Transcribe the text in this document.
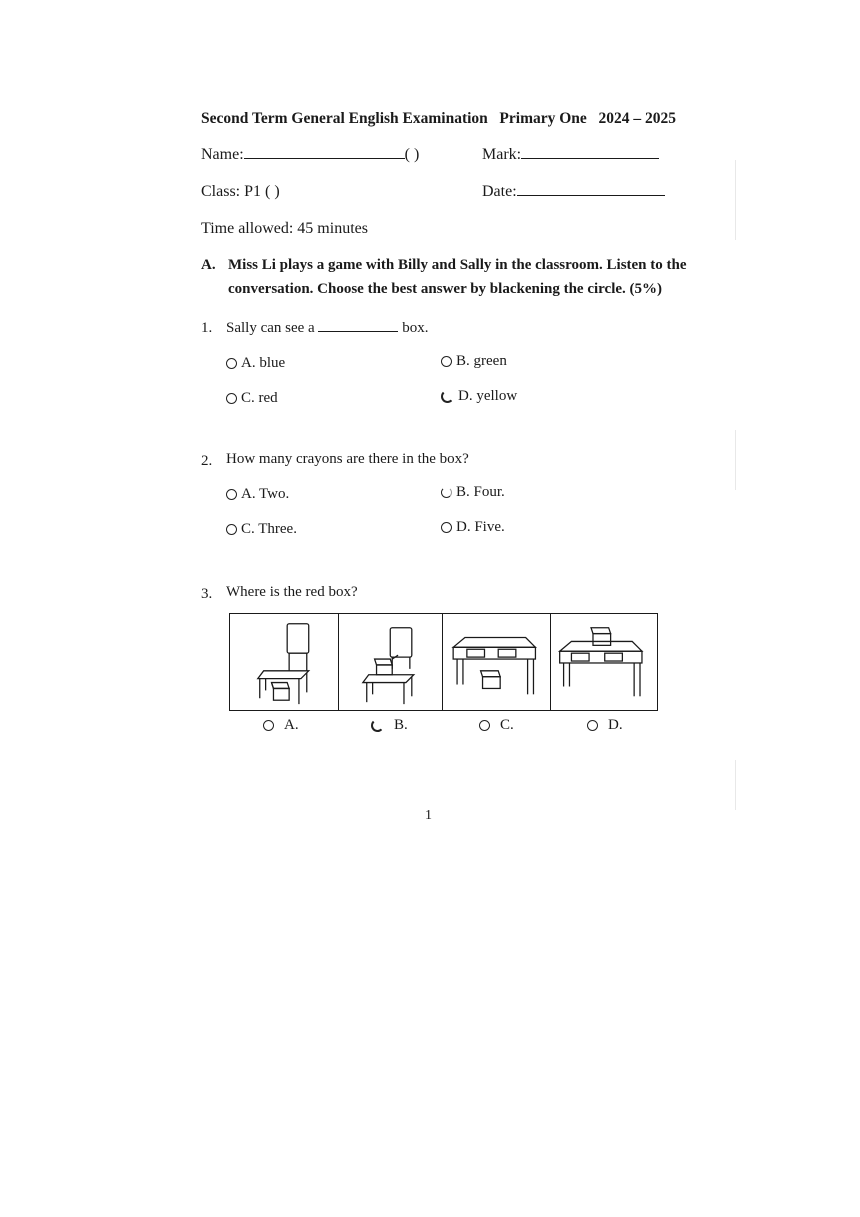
Second Term General English Examination Primary One 2024 – 2025
Name:	( )	Mark:
Class: P1 ( )	Date:
Time allowed: 45 minutes
A. Miss Li plays a game with Billy and Sally in the classroom. Listen to the
conversation. Choose the best answer by blackening the circle. (5%)
1. Sally can see a	box.
A. blue	B. green
C. red	D. yellow
2. How many crayons are there in the box?
A. Two.	B. Four.
C. Three.	D. Five.
3. Where is the red box?
A.	B.	C.	D.
1
